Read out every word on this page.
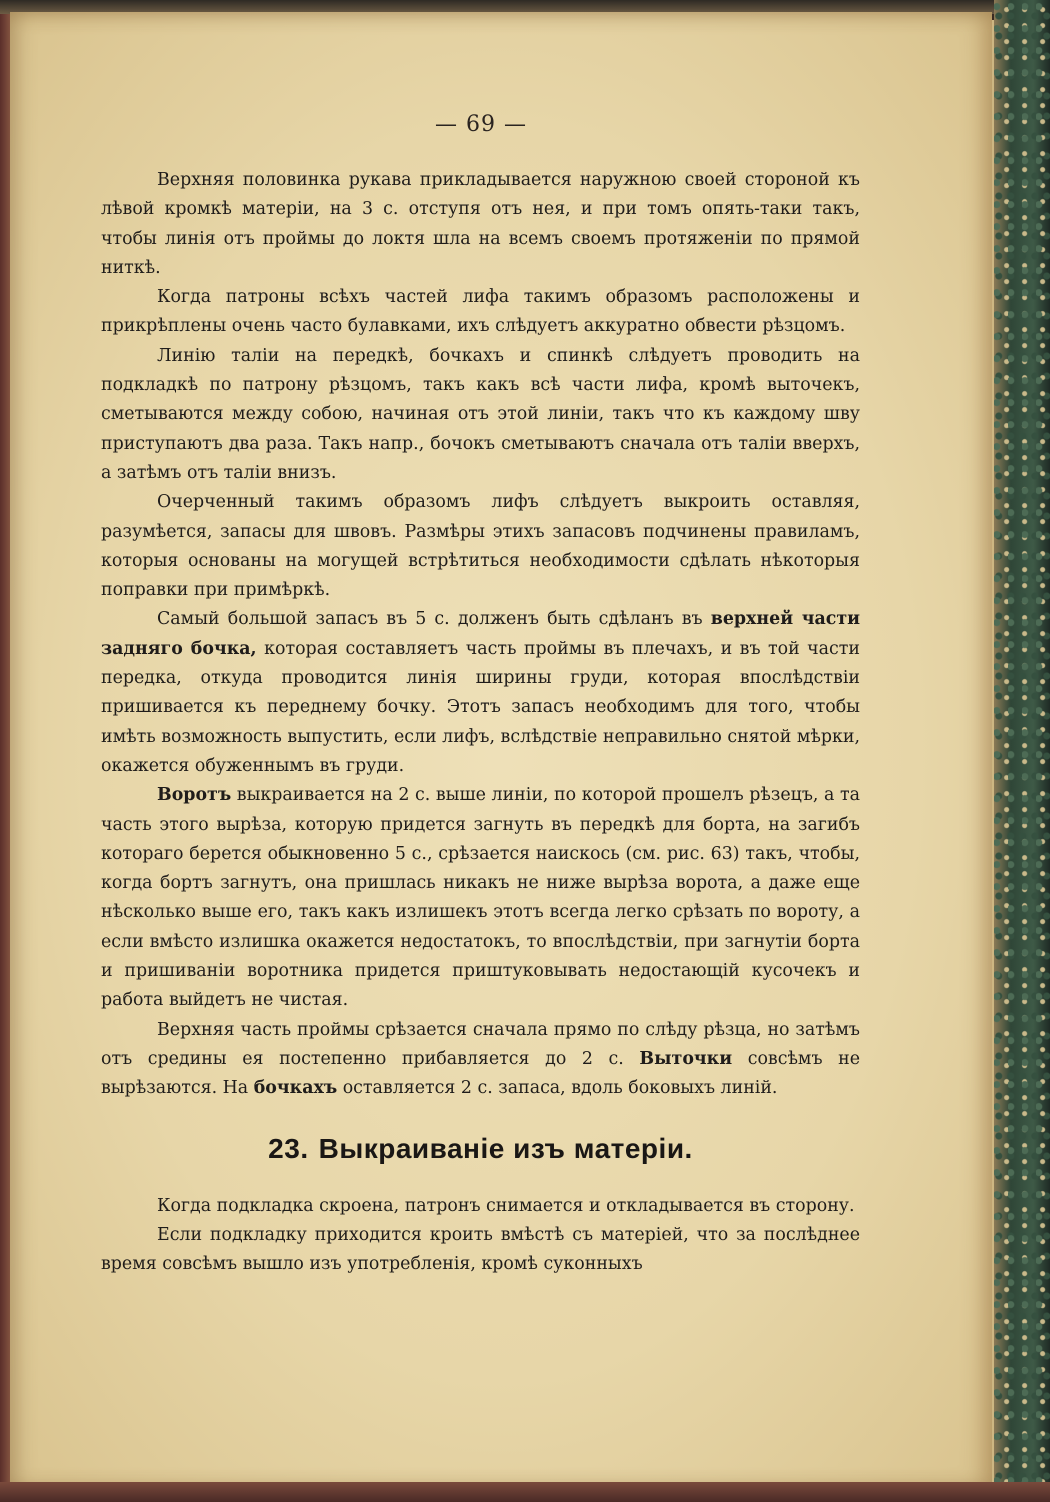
— 69 —

Верхняя половинка рукава прикладывается наружною своей стороной къ лѣвой кромкѣ матеріи, на 3 с. отступя отъ нея, и при томъ опять-таки такъ, чтобы линія отъ проймы до локтя шла на всемъ своемъ протяженіи по прямой ниткѣ.

Когда патроны всѣхъ частей лифа такимъ образомъ расположены и прикрѣплены очень часто булавками, ихъ слѣдуетъ аккуратно обвести рѣзцомъ.

Линію таліи на передкѣ, бочкахъ и спинкѣ слѣдуетъ проводить на подкладкѣ по патрону рѣзцомъ, такъ какъ всѣ части лифа, кромѣ выточекъ, сметываются между собою, начиная отъ этой линіи, такъ что къ каждому шву приступаютъ два раза. Такъ напр., бочокъ сметываютъ сначала отъ таліи вверхъ, а затѣмъ отъ таліи внизъ.

Очерченный такимъ образомъ лифъ слѣдуетъ выкроить оставляя, разумѣется, запасы для швовъ. Размѣры этихъ запасовъ подчинены правиламъ, которыя основаны на могущей встрѣтиться необходимости сдѣлать нѣкоторыя поправки при примѣркѣ.

Самый большой запасъ въ 5 с. долженъ быть сдѣланъ въ верхней части задняго бочка, которая составляетъ часть проймы въ плечахъ, и въ той части передка, откуда проводится линія ширины груди, которая впослѣдствіи пришивается къ переднему бочку. Этотъ запасъ необходимъ для того, чтобы имѣть возможность выпустить, если лифъ, вслѣдствіе неправильно снятой мѣрки, окажется обуженнымъ въ груди.

Воротъ выкраивается на 2 с. выше линіи, по которой прошелъ рѣзецъ, а та часть этого вырѣза, которую придется загнуть въ передкѣ для борта, на загибъ котораго берется обыкновенно 5 с., срѣзается наискось (см. рис. 63) такъ, чтобы, когда бортъ загнутъ, она пришлась никакъ не ниже вырѣза ворота, а даже еще нѣсколько выше его, такъ какъ излишекъ этотъ всегда легко срѣзать по вороту, а если вмѣсто излишка окажется недостатокъ, то впослѣдствіи, при загнутіи борта и пришиваніи воротника придется приштуковывать недостающій кусочекъ и работа выйдетъ не чистая.

Верхняя часть проймы срѣзается сначала прямо по слѣду рѣзца, но затѣмъ отъ средины ея постепенно прибавляется до 2 с. Выточки совсѣмъ не вырѣзаются. На бочкахъ оставляется 2 с. запаса, вдоль боковыхъ линій.

23. Выкраиваніе изъ матеріи.

Когда подкладка скроена, патронъ снимается и откладывается въ сторону.

Если подкладку приходится кроить вмѣстѣ съ матеріей, что за послѣднее время совсѣмъ вышло изъ употребленія, кромѣ суконныхъ
